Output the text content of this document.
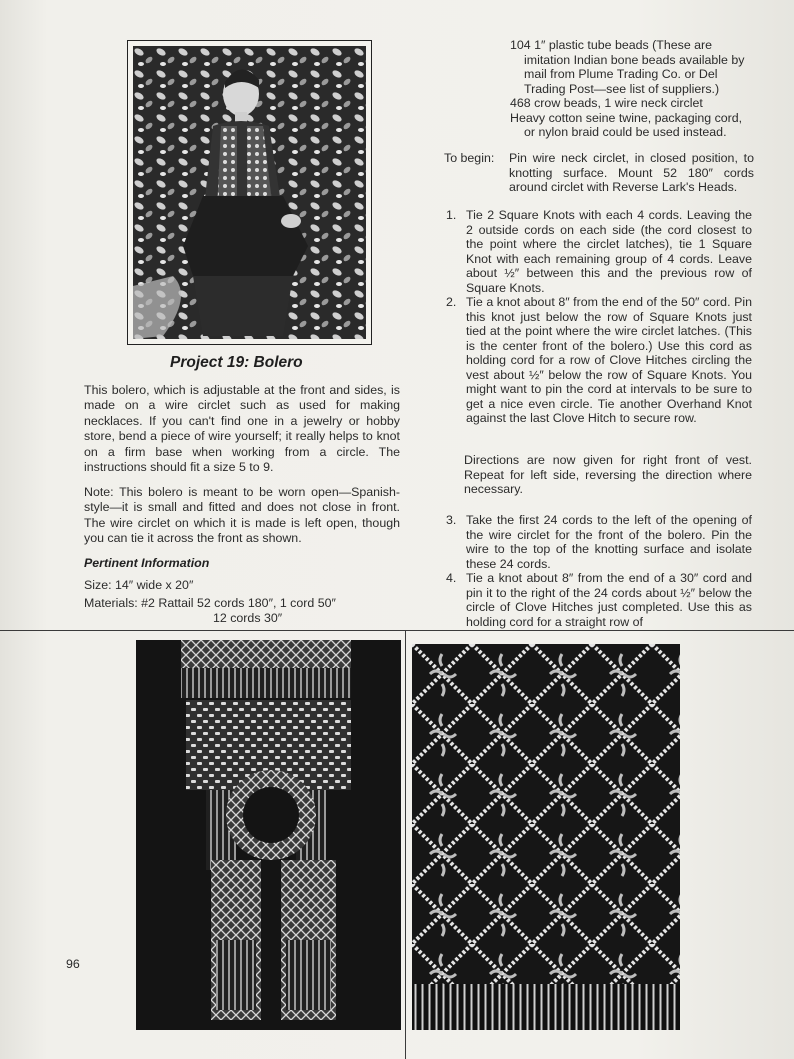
Project 19: Bolero

This bolero, which is adjustable at the front and sides, is made on a wire circlet such as used for making necklaces. If you can't find one in a jewelry or hobby store, bend a piece of wire yourself; it really helps to knot on a firm base when working from a circle. The instructions should fit a size 5 to 9.

Note: This bolero is meant to be worn open—Spanish-style—it is small and fitted and does not close in front. The wire circlet on which it is made is left open, though you can tie it across the front as shown.

Pertinent Information
Size: 14″ wide x 20″
Materials: #2 Rattail 52 cords 180″, 1 cord 50″
12 cords 30″

104 1″ plastic tube beads (These are imitation Indian bone beads available by mail from Plume Trading Co. or Del Trading Post—see list of suppliers.)

468 crow beads, 1 wire neck circlet

Heavy cotton seine twine, packaging cord, or nylon braid could be used instead.

To begin: Pin wire neck circlet, in closed position, to knotting surface. Mount 52 180″ cords around circlet with Reverse Lark's Heads.
1. Tie 2 Square Knots with each 4 cords. Leaving the 2 outside cords on each side (the cord closest to the point where the circlet latches), tie 1 Square Knot with each remaining group of 4 cords. Leave about ½″ between this and the previous row of Square Knots.
2. Tie a knot about 8″ from the end of the 50″ cord. Pin this knot just below the row of Square Knots just tied at the point where the wire circlet latches. (This is the center front of the bolero.) Use this cord as holding cord for a row of Clove Hitches circling the vest about ½″ below the row of Square Knots. You might want to pin the cord at intervals to be sure to get a nice even circle. Tie another Overhand Knot against the last Clove Hitch to secure row.
Directions are now given for right front of vest. Repeat for left side, reversing the direction where necessary.
3. Take the first 24 cords to the left of the opening of the wire circlet for the front of the bolero. Pin the wire to the top of the knotting surface and isolate these 24 cords.
4. Tie a knot about 8″ from the end of a 30″ cord and pin it to the right of the 24 cords about ½″ below the circle of Clove Hitches just completed. Use this as holding cord for a straight row of
96
